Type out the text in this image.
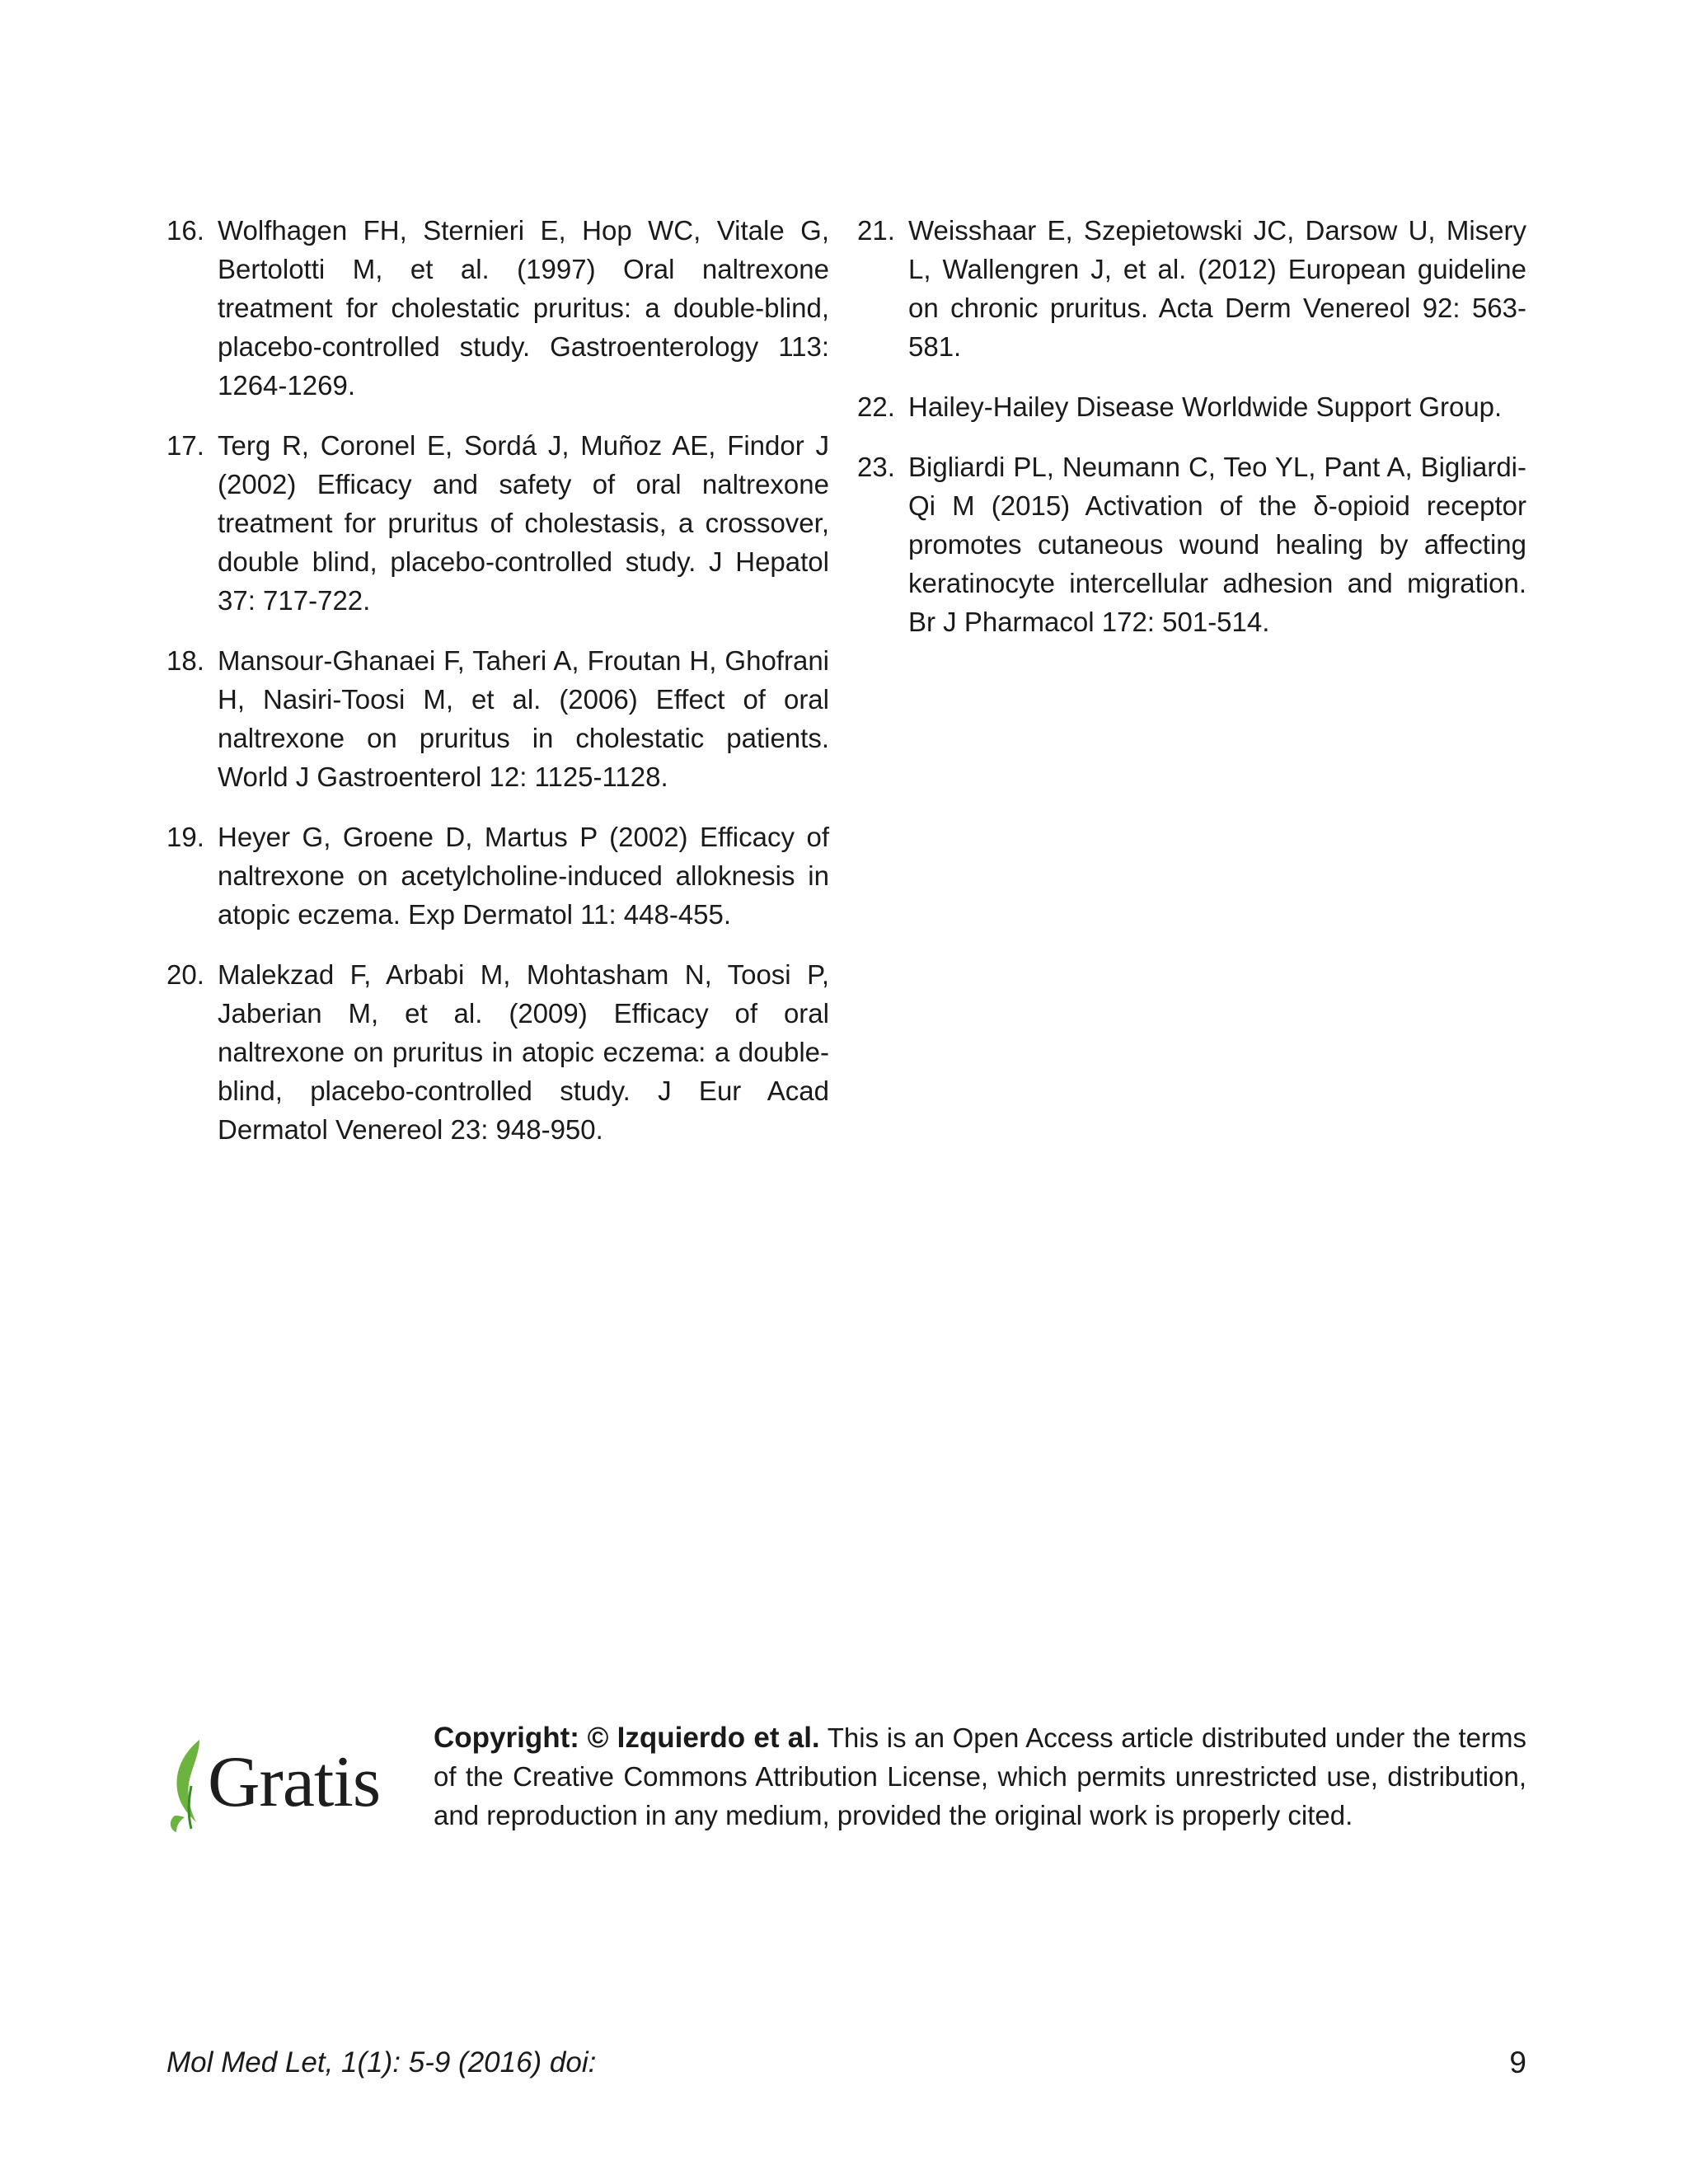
16. Wolfhagen FH, Sternieri E, Hop WC, Vitale G, Bertolotti M, et al. (1997) Oral naltrexone treatment for cholestatic pruritus: a double-blind, placebo-controlled study. Gastroenterology 113: 1264-1269.
17. Terg R, Coronel E, Sordá J, Muñoz AE, Findor J (2002) Efficacy and safety of oral naltrexone treatment for pruritus of cholestasis, a crossover, double blind, placebo-controlled study. J Hepatol 37: 717-722.
18. Mansour-Ghanaei F, Taheri A, Froutan H, Ghofrani H, Nasiri-Toosi M, et al. (2006) Effect of oral naltrexone on pruritus in cholestatic patients. World J Gastroenterol 12: 1125-1128.
19. Heyer G, Groene D, Martus P (2002) Efficacy of naltrexone on acetylcholine-induced alloknesis in atopic eczema. Exp Dermatol 11: 448-455.
20. Malekzad F, Arbabi M, Mohtasham N, Toosi P, Jaberian M, et al. (2009) Efficacy of oral naltrexone on pruritus in atopic eczema: a double-blind, placebo-controlled study. J Eur Acad Dermatol Venereol 23: 948-950.
21. Weisshaar E, Szepietowski JC, Darsow U, Misery L, Wallengren J, et al. (2012) European guideline on chronic pruritus. Acta Derm Venereol 92: 563-581.
22. Hailey-Hailey Disease Worldwide Support Group.
23. Bigliardi PL, Neumann C, Teo YL, Pant A, Bigliardi-Qi M (2015) Activation of the δ-opioid receptor promotes cutaneous wound healing by affecting keratinocyte intercellular adhesion and migration. Br J Pharmacol 172: 501-514.
Gratis
Copyright: © Izquierdo et al. This is an Open Access article distributed under the terms of the Creative Commons Attribution License, which permits unrestricted use, distribution, and reproduction in any medium, provided the original work is properly cited.
Mol Med Let, 1(1): 5-9 (2016) doi:	9
